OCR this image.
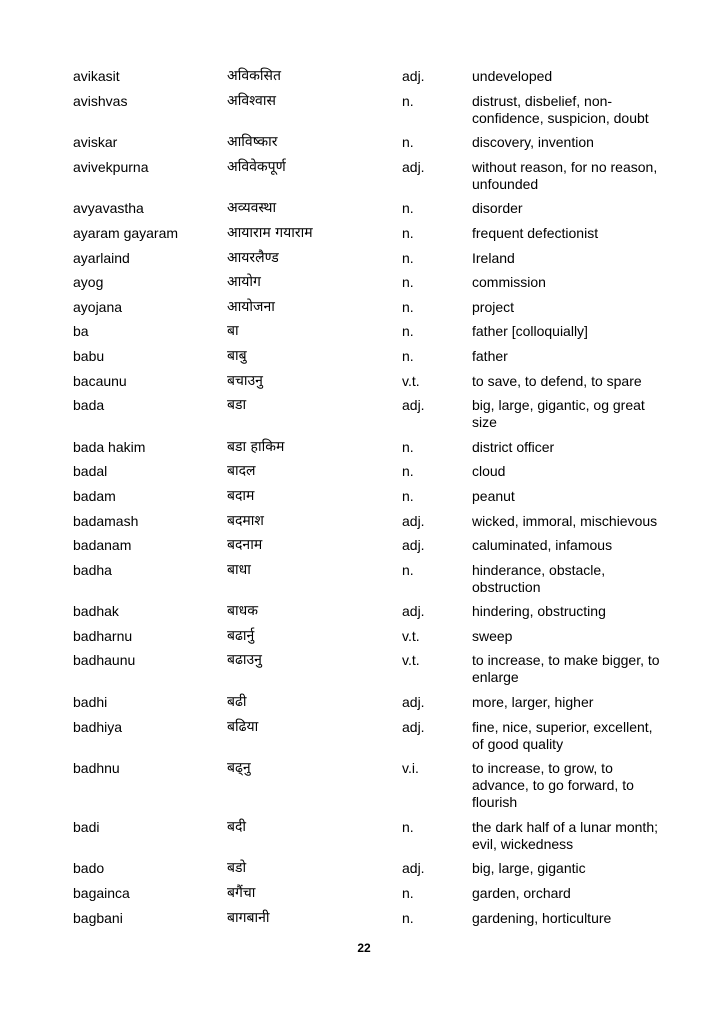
avikasit	अविकसित	adj.	undeveloped
avishvas	अविश्वास	n.	distrust, disbelief, non-confidence, suspicion, doubt
aviskar	आविष्कार	n.	discovery, invention
avivekpurna	अविवेकपूर्ण	adj.	without reason, for no reason, unfounded
avyavastha	अव्यवस्था	n.	disorder
ayaram gayaram	आयाराम गयाराम	n.	frequent defectionist
ayarlaind	आयरलैण्ड	n.	Ireland
ayog	आयोग	n.	commission
ayojana	आयोजना	n.	project
ba	बा	n.	father [colloquially]
babu	बाबु	n.	father
bacaunu	बचाउनु	v.t.	to save, to defend, to spare
bada	बडा	adj.	big, large, gigantic, og great size
bada hakim	बडा हाकिम	n.	district officer
badal	बादल	n.	cloud
badam	बदाम	n.	peanut
badamash	बदमाश	adj.	wicked, immoral, mischievous
badanam	बदनाम	adj.	caluminated, infamous
badha	बाधा	n.	hinderance, obstacle, obstruction
badhak	बाधक	adj.	hindering, obstructing
badharnu	बढार्नु	v.t.	sweep
badhaunu	बढाउनु	v.t.	to increase, to make bigger, to enlarge
badhi	बढी	adj.	more, larger, higher
badhiya	बढिया	adj.	fine, nice, superior, excellent, of good quality
badhnu	बढ्नु	v.i.	to increase, to grow, to advance, to go forward, to flourish
badi	बदी	n.	the dark half of a lunar month; evil, wickedness
bado	बडो	adj.	big, large, gigantic
bagainca	बगैंचा	n.	garden, orchard
bagbani	बागबानी	n.	gardening, horticulture
22
